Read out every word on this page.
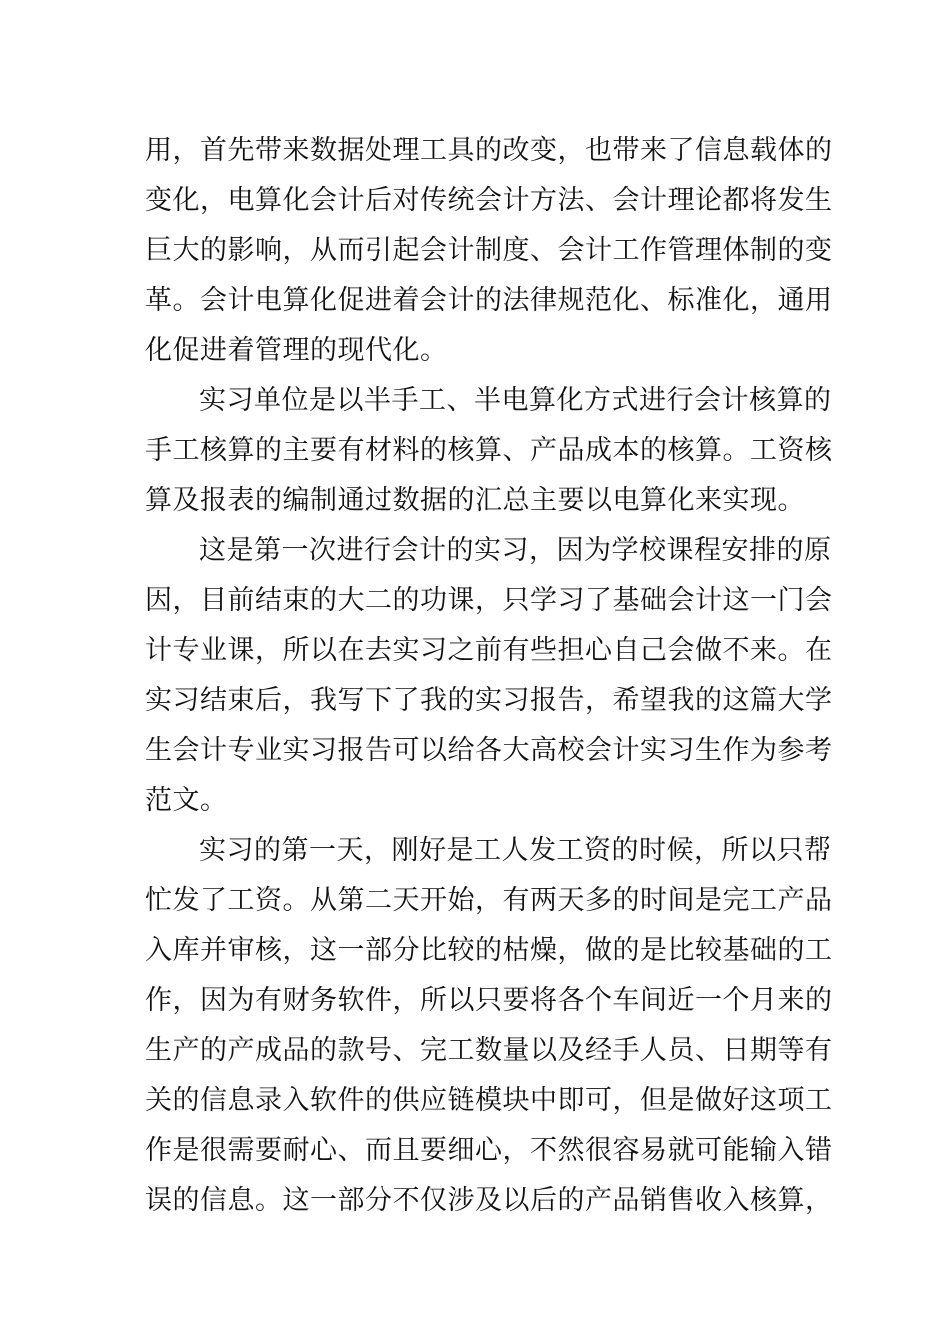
用，首先带来数据处理工具的改变，也带来了信息载体的
变化，电算化会计后对传统会计方法、会计理论都将发生
巨大的影响，从而引起会计制度、会计工作管理体制的变
革。会计电算化促进着会计的法律规范化、标准化，通用
化促进着管理的现代化。
实习单位是以半手工、半电算化方式进行会计核算的
手工核算的主要有材料的核算、产品成本的核算。工资核
算及报表的编制通过数据的汇总主要以电算化来实现。
这是第一次进行会计的实习，因为学校课程安排的原
因，目前结束的大二的功课，只学习了基础会计这一门会
计专业课，所以在去实习之前有些担心自己会做不来。在
实习结束后，我写下了我的实习报告，希望我的这篇大学
生会计专业实习报告可以给各大高校会计实习生作为参考
范文。
实习的第一天，刚好是工人发工资的时候，所以只帮
忙发了工资。从第二天开始，有两天多的时间是完工产品
入库并审核，这一部分比较的枯燥，做的是比较基础的工
作，因为有财务软件，所以只要将各个车间近一个月来的
生产的产成品的款号、完工数量以及经手人员、日期等有
关的信息录入软件的供应链模块中即可，但是做好这项工
作是很需要耐心、而且要细心，不然很容易就可能输入错
误的信息。这一部分不仅涉及以后的产品销售收入核算，
